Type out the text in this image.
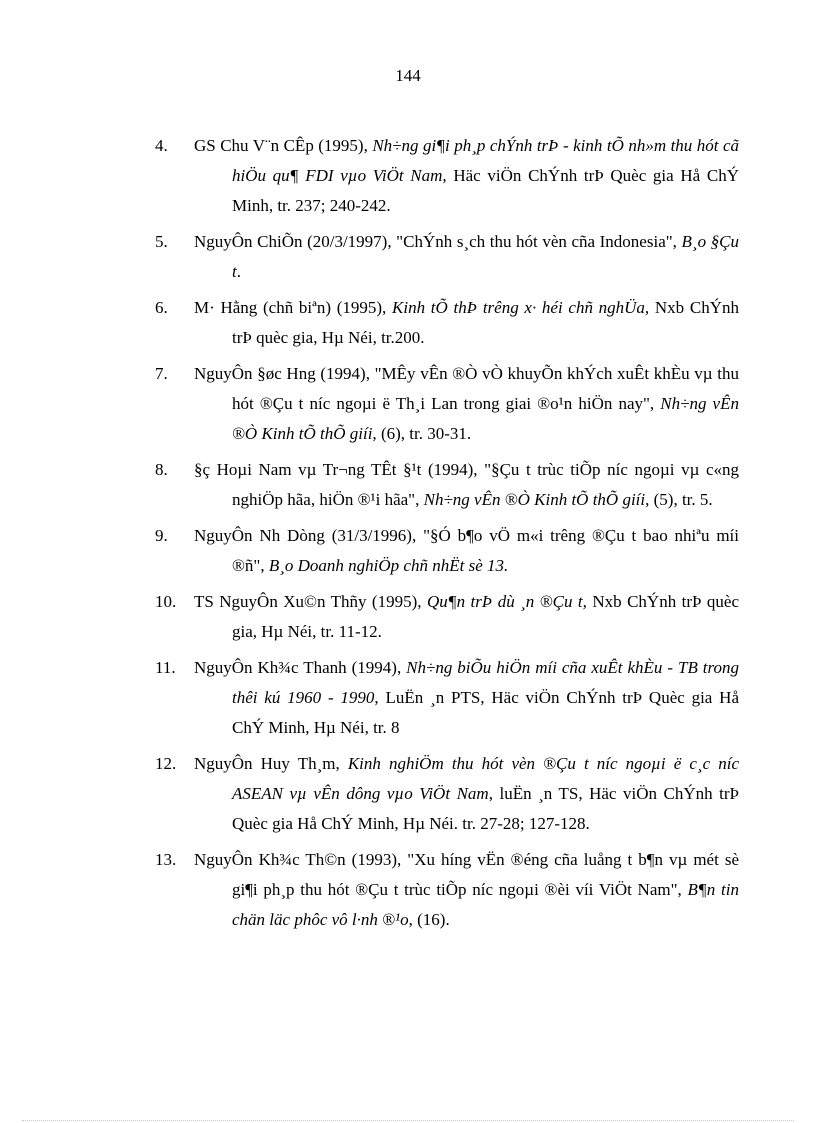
144
4.	GS Chu V¨n CÊp (1995), Nh÷ng gi¶i ph¸p chÝnh trÞ - kinh tÕ nh»m thu hót cã hiÖu qu¶ FDI vµo ViÖt Nam, Häc viÖn ChÝnh trÞ Quèc gia Hå ChÝ Minh, tr. 237; 240-242.
5.	NguyÔn ChiÕn (20/3/1997), "ChÝnh s¸ch thu hót vèn cña Indonesia", B¸o §Çu t.
6.	M· Hằng (chñ biªn) (1995), Kinh tÕ thÞ trêng x· héi chñ nghÜa, Nxb ChÝnh trÞ quèc gia, Hµ Néi, tr.200.
7.	NguyÔn §øc Hng (1994), "MÊy vÊn ®Ò vÒ khuyÕn khÝch xuÊt khÈu vµ thu hót ®Çu t níc ngoµi ë Th¸i Lan trong giai ®o¹n hiÖn nay", Nh÷ng vÊn ®Ò Kinh tÕ thÕ giíi, (6), tr. 30-31.
8.	§ç Hoµi Nam vµ Tr¬ng TÊt §¹t (1994), "§Çu t trùc tiÕp níc ngoµi vµ c«ng nghiÖp hãa, hiÖn ®¹i hãa", Nh÷ng vÊn ®Ò Kinh tÕ thÕ giíi, (5), tr. 5.
9.	NguyÔn Nh Dòng (31/3/1996), "§Ó b¶o vÖ m«i trêng ®Çu t bao nhiªu míi ®ñ", B¸o Doanh nghiÖp chñ nhËt sè 13.
10.	TS NguyÔn Xu©n Thñy (1995), Qu¶n trÞ dù ¸n ®Çu t, Nxb ChÝnh trÞ quèc gia, Hµ Néi, tr. 11-12.
11.	NguyÔn Kh¾c Thanh (1994), Nh÷ng biÕu hiÖn míi cña xuÊt khÈu - TB trong thêi kú 1960 - 1990, LuËn ¸n PTS, Häc viÖn ChÝnh trÞ Quèc gia Hå ChÝ Minh, Hµ Néi, tr. 8
12.	NguyÔn Huy Th¸m, Kinh nghiÖm thu hót vèn ®Çu t níc ngoµi ë c¸c níc ASEAN vµ vÊn dông vµo ViÖt Nam, luËn ¸n TS, Häc viÖn ChÝnh trÞ Quèc gia Hå ChÝ Minh, Hµ Néi. tr. 27-28; 127-128.
13.	NguyÔn Kh¾c Th©n (1993), "Xu híng vËn ®éng cña luång t b¶n vµ mét sè gi¶i ph¸p thu hót ®Çu t trùc tiÕp níc ngoµi ®èi víi ViÖt Nam", B¶n tin chän läc phôc vô l·nh ®¹o, (16).
